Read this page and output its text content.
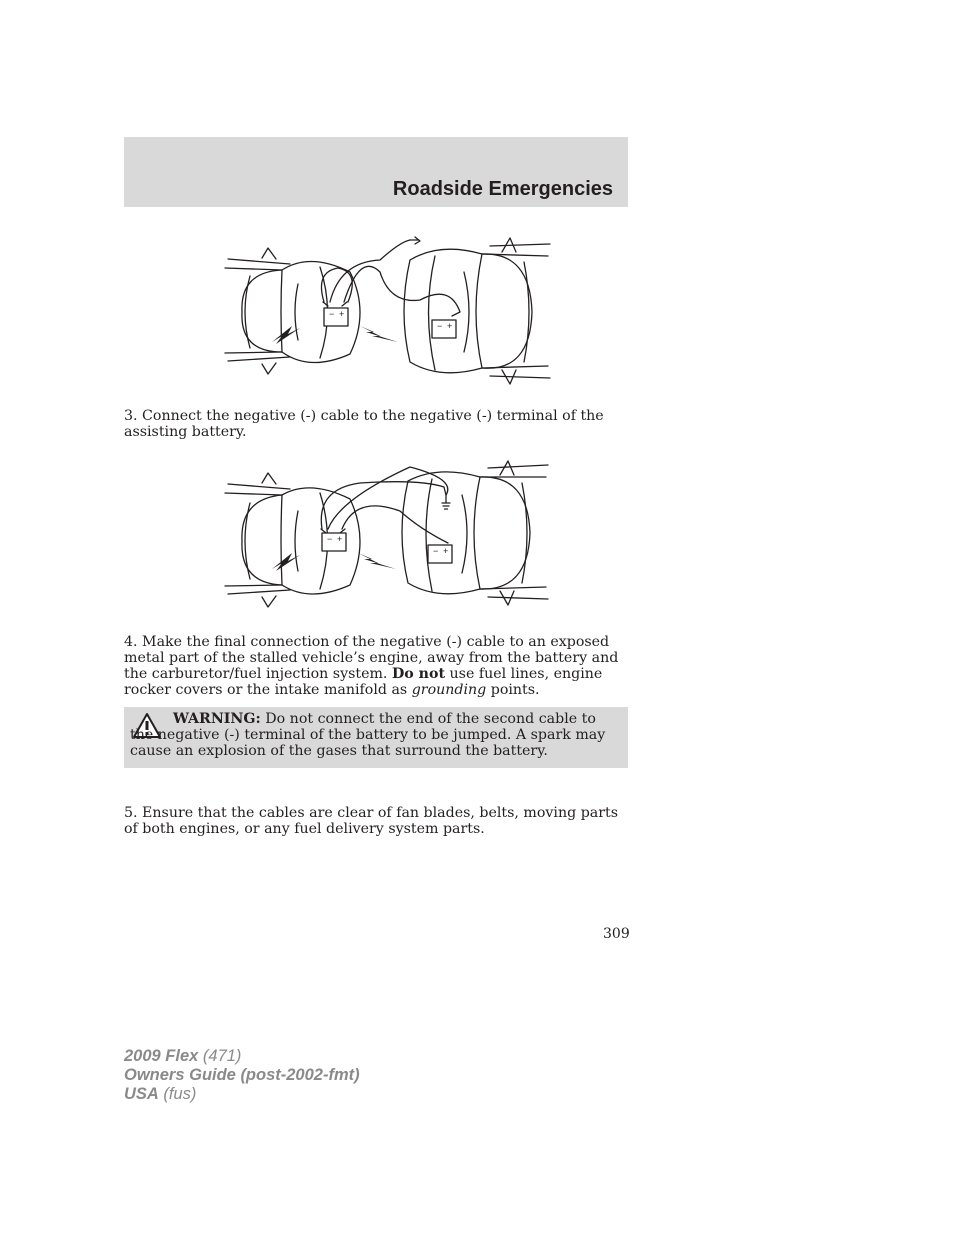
Roadside Emergencies
− +
− +

3. Connect the negative (-) cable to the negative (-) terminal of the assisting battery.

− +
− +

4. Make the final connection of the negative (-) cable to an exposed metal part of the stalled vehicle’s engine, away from the battery and the carburetor/fuel injection system. Do not use fuel lines, engine rocker covers or the intake manifold as grounding points.

WARNING: Do not connect the end of the second cable to the negative (-) terminal of the battery to be jumped. A spark may cause an explosion of the gases that surround the battery.

5. Ensure that the cables are clear of fan blades, belts, moving parts of both engines, or any fuel delivery system parts.

309

2009 Flex (471)
Owners Guide (post-2002-fmt)
USA (fus)
